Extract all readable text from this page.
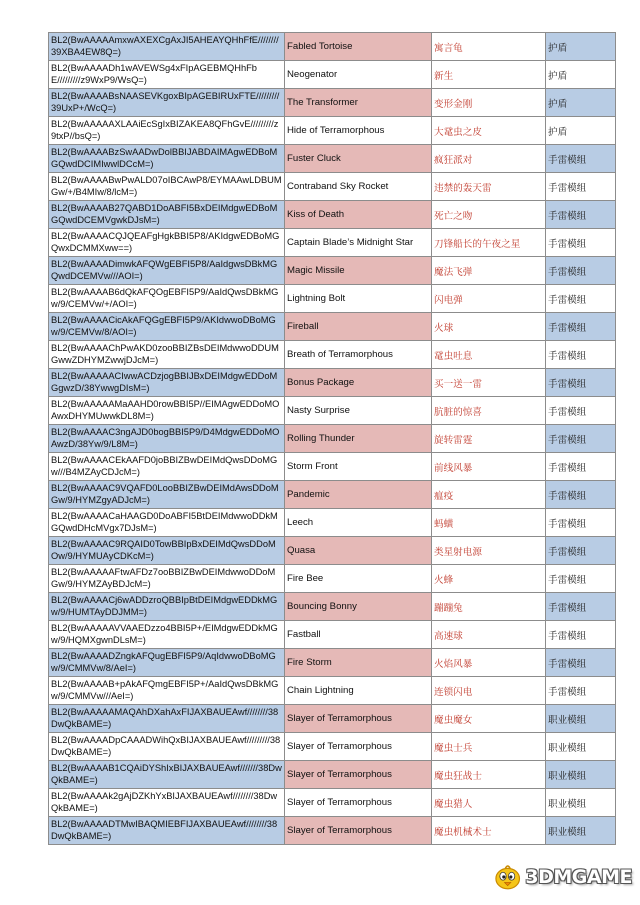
BL2(BwAAAAAmxwAXEXCgAxJI5AHEAYQHhFfE////////39XBA4EW8Q=)	Fabled Tortoise	寓言龟	护盾
BL2(BwAAAADh1wAVEWSg4xFIpAGEBMQHhFbE/////////z9WxP9/WsQ=)	Neogenator	新生	护盾
BL2(BwAAAABsNAASEVKgoxBIpAGEBIRUxFTE/////////39UxP+/WcQ=)	The Transformer	变形金刚	护盾
BL2(BwAAAAAXLAAiEcSgIxBIZAKEA8QFhGvE/////////z9txP//bsQ=)	Hide of Terramorphous	大鼋虫之皮	护盾
BL2(BwAAAABzSwAADwDolBBIJABDAIMAgwEDBoMGQwdDCIMIwwlDCcM=)	Fuster Cluck	疯狂派对	手雷模组
BL2(BwAAAABwPwALD07oIBCAwP8/EYMAAwLDBUMGw/+/B4MIw/8/lcM=)	Contraband Sky Rocket	违禁的轰天雷	手雷模组
BL2(BwAAAAB27QABD1DoABFI5BxDEIMdgwEDBoMGQwdDCEMVgwkDJsM=)	Kiss of Death	死亡之吻	手雷模组
BL2(BwAAAACQJQEAFgHgkBBI5P8/AKIdgwEDBoMGQwxDCMMXww==)	Captain Blade’s Midnight Star	刀锋船长的午夜之星	手雷模组
BL2(BwAAAADimwkAFQWgEBFI5P8/AaIdgwsDBkMGQwdDCEMVw///AOI=)	Magic Missile	魔法飞弹	手雷模组
BL2(BwAAAAB6dQkAFQOgEBFI5P9/AaIdQwsDBkMGw/9/CEMVw/+/AOI=)	Lightning Bolt	闪电弹	手雷模组
BL2(BwAAAACicAkAFQGgEBFI5P9/AKIdwwoDBoMGw/9/CEMVw/8/AOI=)	Fireball	火球	手雷模组
BL2(BwAAAAChPwAKD0zooBBIZBsDEIMdwwoDDUMGwwZDHYMZwwjDJcM=)	Breath of Terramorphous	鼋虫吐息	手雷模组
BL2(BwAAAAACIwwACDzjogBBIJBxDEIMdgwEDDoMGgwzD/38YwwgDIsM=)	Bonus Package	买一送一雷	手雷模组
BL2(BwAAAAAMaAAHD0rowBBI5P//EIMAgwEDDoMOAwxDHYMUwwkDL8M=)	Nasty Surprise	肮脏的惊喜	手雷模组
BL2(BwAAAAC3ngAJD0bogBBI5P9/D4MdgwEDDoMOAwzD/38Yw/9/L8M=)	Rolling Thunder	旋转雷霆	手雷模组
BL2(BwAAAACEkAAFD0joBBIZBwDEIMdQwsDDoMGw///B4MZAyCDJcM=)	Storm Front	前线风暴	手雷模组
BL2(BwAAAAC9VQAFD0LooBBIZBwDEIMdAwsDDoMGw/9/HYMZgyADJcM=)	Pandemic	瘟疫	手雷模组
BL2(BwAAAACaHAAGD0DoABFI5BtDEIMdwwoDDkMGQwdDHcMVgx7DJsM=)	Leech	蚂蟥	手雷模组
BL2(BwAAAAC9RQAID0TowBBIpBxDEIMdQwsDDoMOw/9/HYMUAyCDKcM=)	Quasa	类星射电源	手雷模组
BL2(BwAAAAAFtwAFDz7ooBBIZBwDEIMdwwoDDoMGw/9/HYMZAyBDJcM=)	Fire Bee	火蜂	手雷模组
BL2(BwAAAACj6wADDzroQBBIpBtDEIMdgwEDDkMGw/9/HUMTAyDDJMM=)	Bouncing Bonny	蹦蹦兔	手雷模组
BL2(BwAAAAAVVAAEDzzo4BBI5P+/EIMdgwEDDkMGw/9/HQMXgwnDLsM=)	Fastball	高速球	手雷模组
BL2(BwAAAADZngkAFQugEBFI5P9/AqIdwwoDBoMGw/9/CMMVw/8/AeI=)	Fire Storm	火焰风暴	手雷模组
BL2(BwAAAAB+pAkAFQmgEBFI5P+/AaIdQwsDBkMGw/9/CMMVw///AeI=)	Chain Lightning	连锁闪电	手雷模组
BL2(BwAAAAAMAQAhDXahAxFIJAXBAUEAwf////////38DwQkBAME=)	Slayer of Terramorphous	魔虫魔女	职业模组
BL2(BwAAAADpCAAADWihQxBIJAXBAUEAwf/////////38DwQkBAME=)	Slayer of Terramorphous	魔虫士兵	职业模组
BL2(BwAAAAB1CQAiDYShIxBIJAXBAUEAwf///////38DwQkBAME=)	Slayer of Terramorphous	魔虫狂战士	职业模组
BL2(BwAAAAk2gAjDZKhYxBIJAXBAUEAwf////////38DwQkBAME=)	Slayer of Terramorphous	魔虫猎人	职业模组
BL2(BwAAAADTMwIBAQMIEBFIJAXBAUEAwf////////38DwQkBAME=)	Slayer of Terramorphous	魔虫机械术士	职业模组
3DMGAME
